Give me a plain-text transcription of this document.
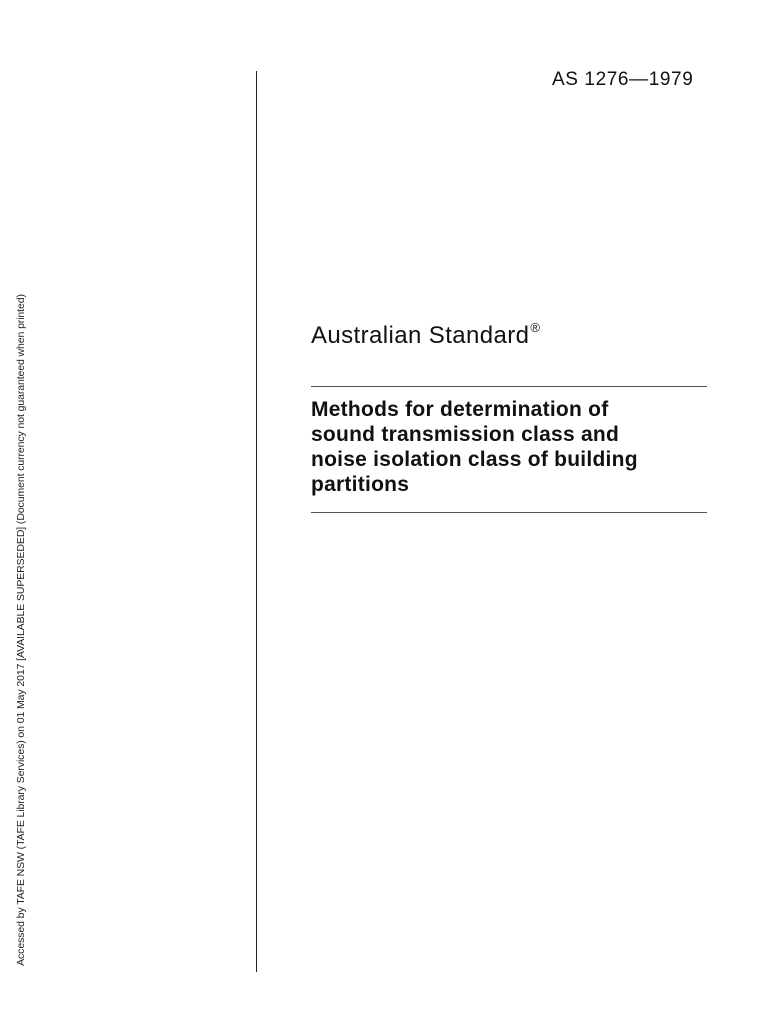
Accessed by TAFE NSW (TAFE Library Services) on 01 May 2017 [AVAILABLE SUPERSEDED] (Document currency not guaranteed when printed)
AS 1276—1979
Australian Standard®
Methods for determination of
sound transmission class and
noise isolation class of building
partitions
